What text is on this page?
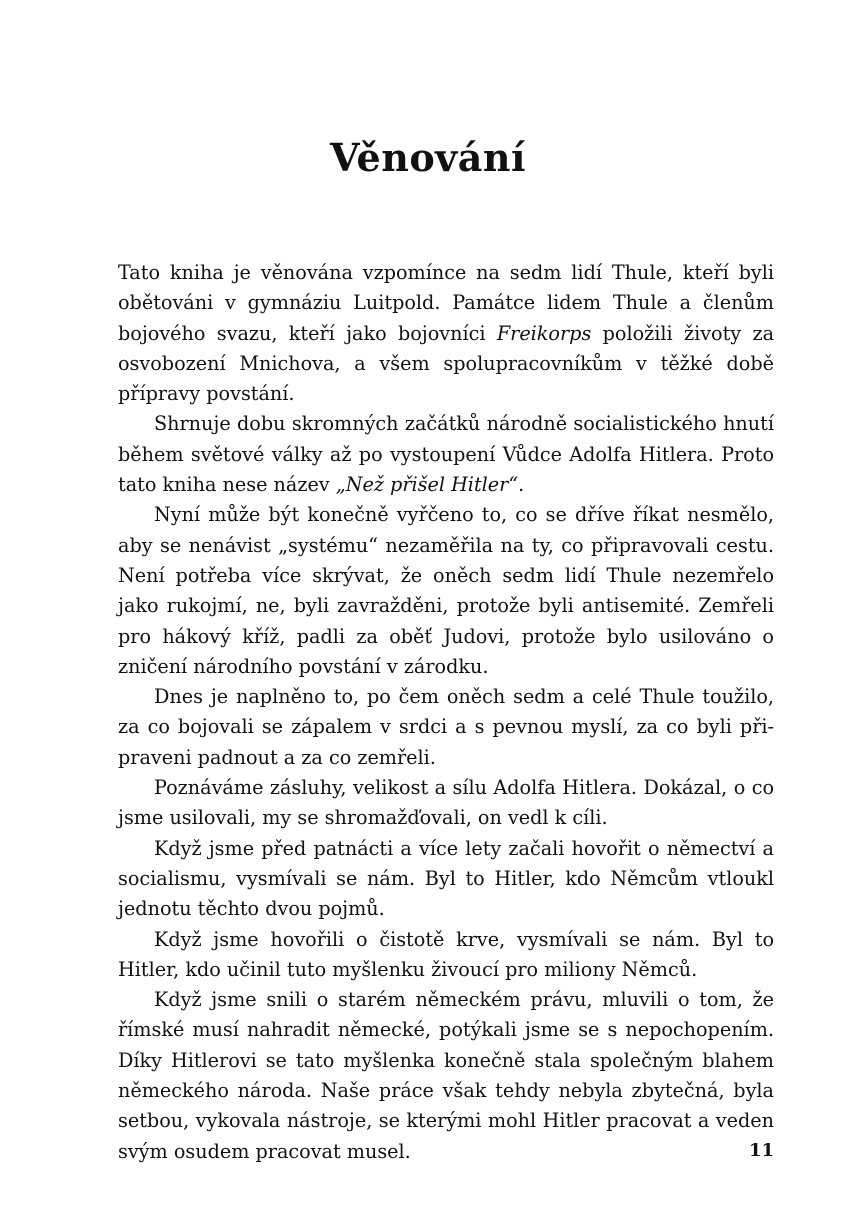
Věnování

Tato kniha je věnována vzpomínce na sedm lidí Thule, kteří byli obětováni v gymnáziu Luitpold. Památce lidem Thule a členům bojového svazu, kteří jako bojovníci Freikorps položili životy za osvobození Mnichova, a všem spolupracovníkům v těžké době přípravy povstání.

Shrnuje dobu skromných začátků národně socialistického hnutí během světové války až po vystoupení Vůdce Adolfa Hitlera. Proto tato kniha nese název „Než přišel Hitler“.

Nyní může být konečně vyřčeno to, co se dříve říkat nesmělo, aby se nenávist „systému“ nezaměřila na ty, co připravovali cestu. Není potřeba více skrývat, že oněch sedm lidí Thule nezemřelo jako rukojmí, ne, byli zavražděni, protože byli antisemité. Zemřeli pro hákový kříž, padli za oběť Judovi, protože bylo usilováno o zničení národního povstání v zárodku.

Dnes je naplněno to, po čem oněch sedm a celé Thule toužilo, za co bojovali se zápalem v srdci a s pevnou myslí, za co byli připraveni padnout a za co zemřeli.

Poznáváme zásluhy, velikost a sílu Adolfa Hitlera. Dokázal, o co jsme usilovali, my se shromažďovali, on vedl k cíli.

Když jsme před patnácti a více lety začali hovořit o němectví a socialismu, vysmívali se nám. Byl to Hitler, kdo Němcům vtloukl jednotu těchto dvou pojmů.

Když jsme hovořili o čistotě krve, vysmívali se nám. Byl to Hitler, kdo učinil tuto myšlenku živoucí pro miliony Němců.

Když jsme snili o starém německém právu, mluvili o tom, že římské musí nahradit německé, potýkali jsme se s nepochopením. Díky Hitlerovi se tato myšlenka konečně stala společným blahem německého národa. Naše práce však tehdy nebyla zbytečná, byla setbou, vykovala nástroje, se kterými mohl Hitler pracovat a veden svým osudem pracovat musel.	11
